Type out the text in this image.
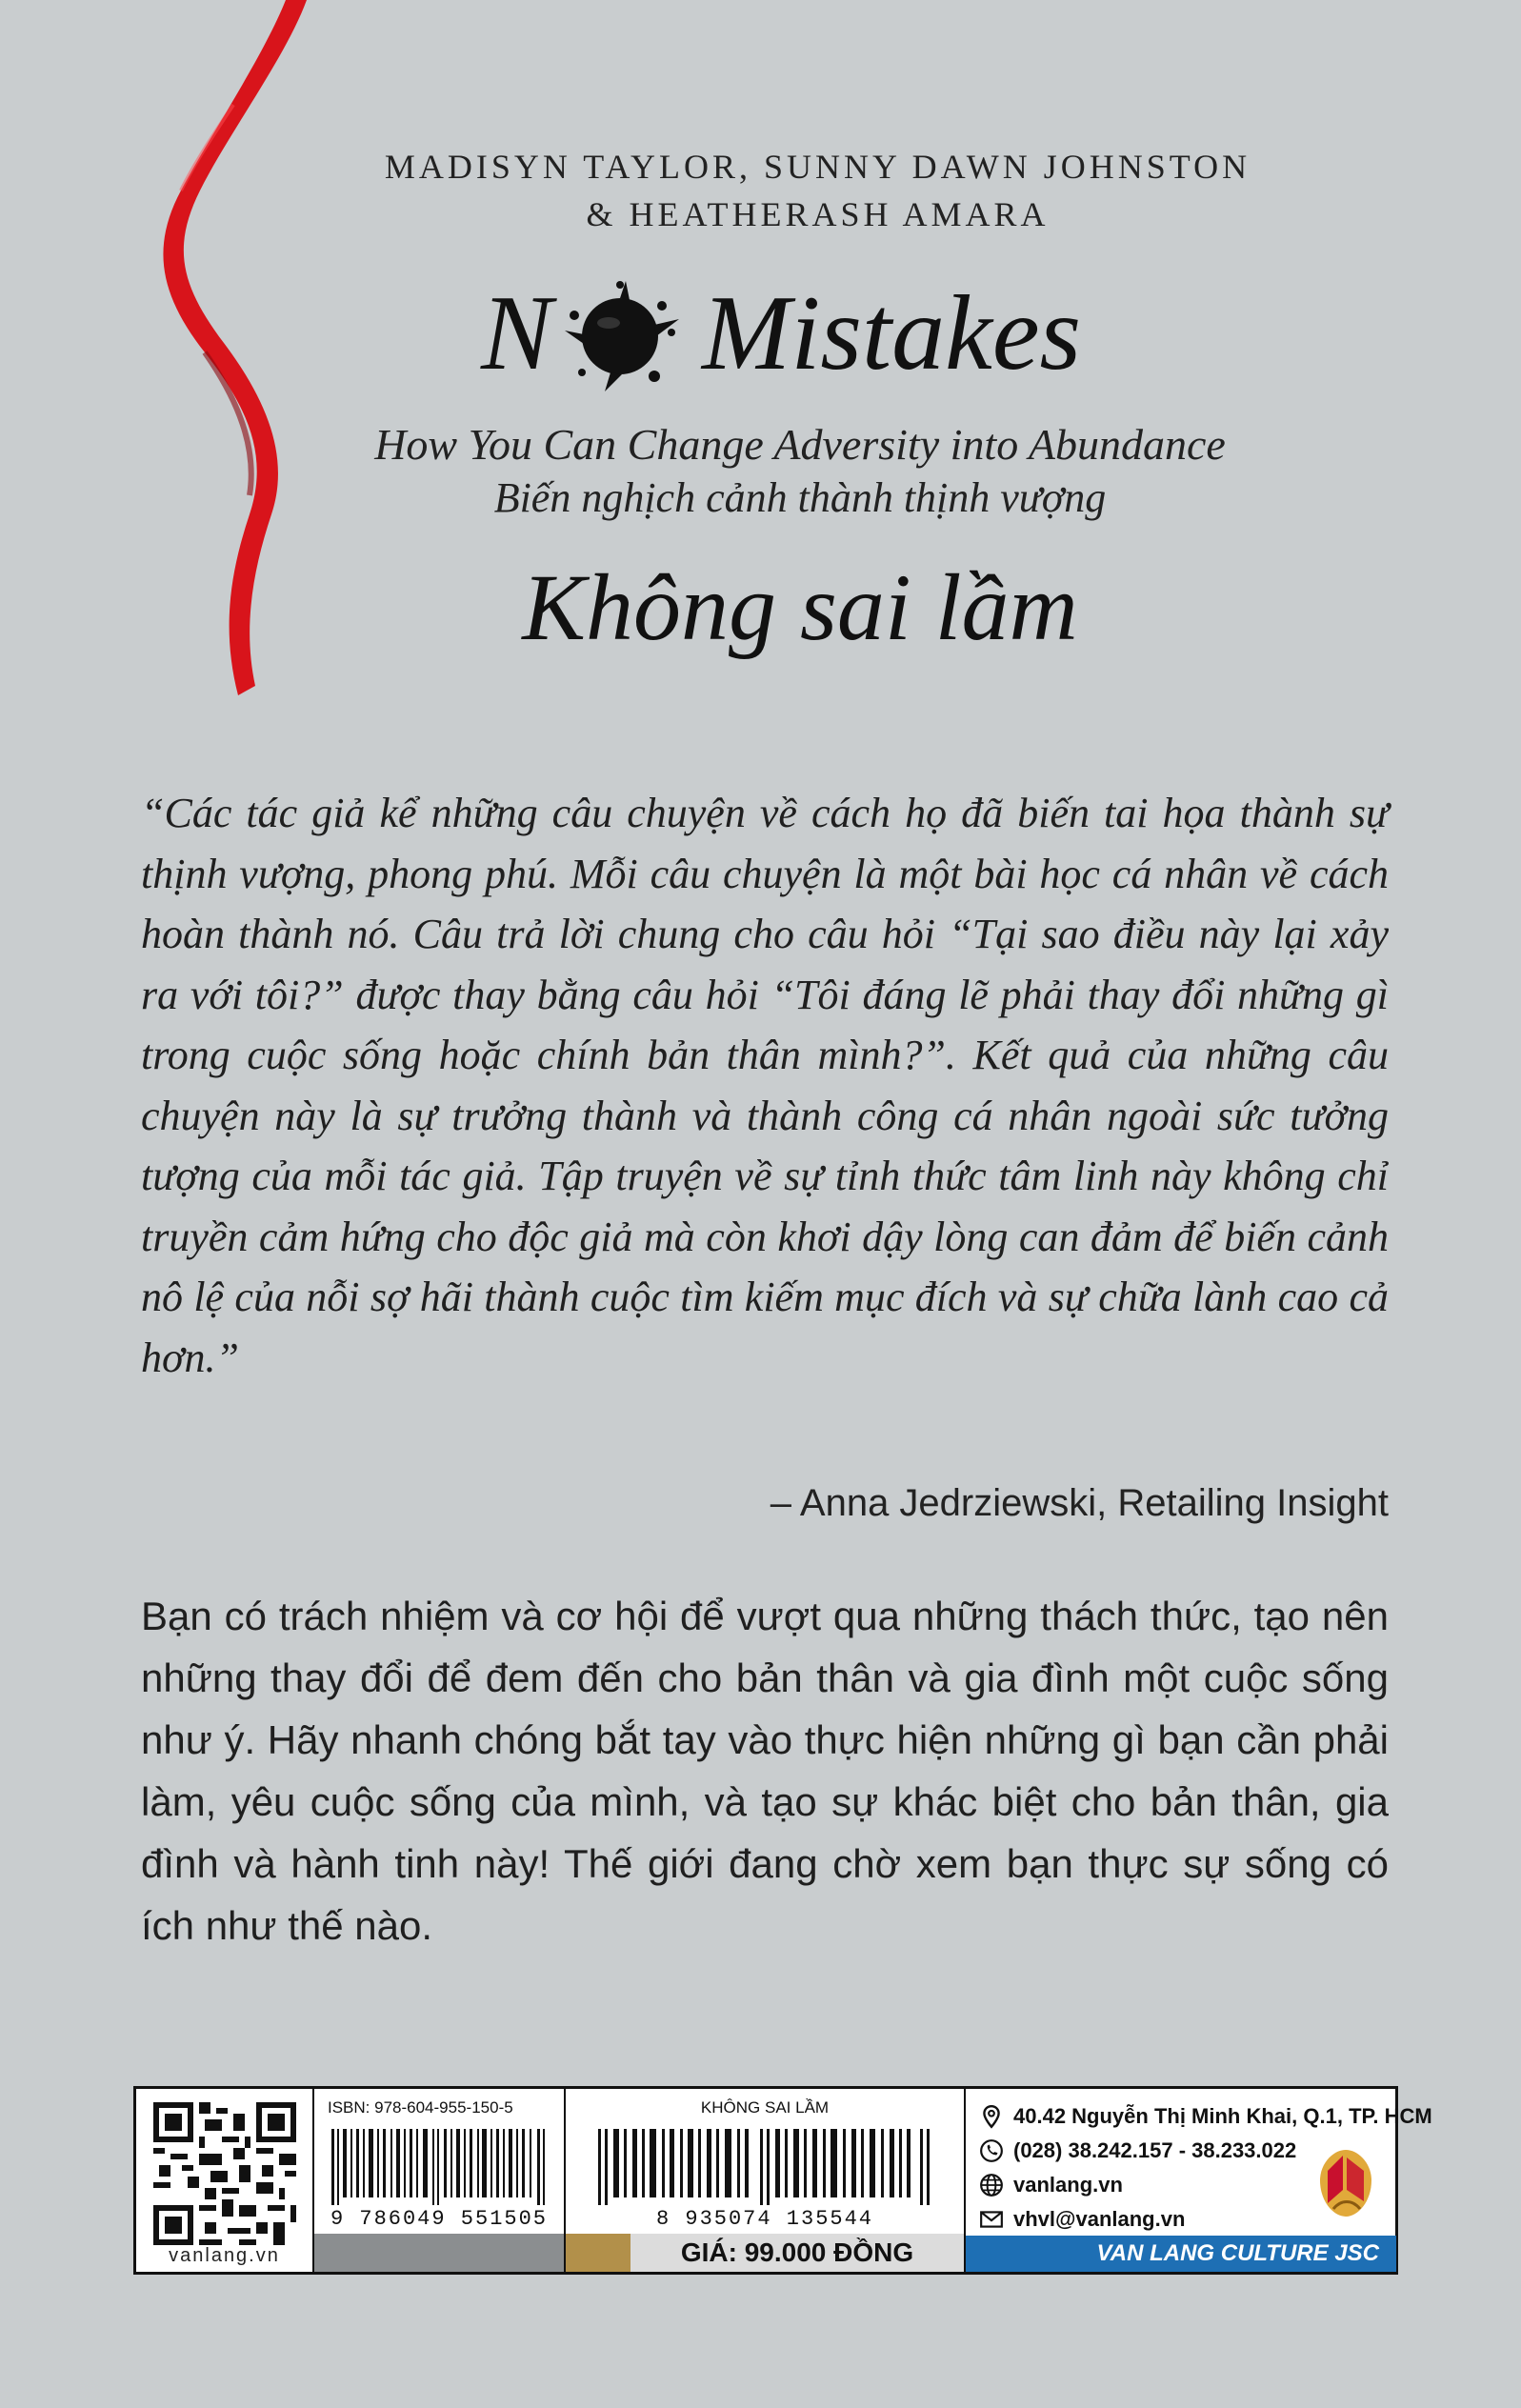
MADISYN TAYLOR, SUNNY DAWN JOHNSTON
& HEATHERASH AMARA
N Mistakes
How You Can Change Adversity into Abundance
Biến nghịch cảnh thành thịnh vượng
Không sai lầm
“Các tác giả kể những câu chuyện về cách họ đã biến tai họa thành sự thịnh vượng, phong phú. Mỗi câu chuyện là một bài học cá nhân về cách hoàn thành nó. Câu trả lời chung cho câu hỏi “Tại sao điều này lại xảy ra với tôi?” được thay bằng câu hỏi “Tôi đáng lẽ phải thay đổi những gì trong cuộc sống hoặc chính bản thân mình?”. Kết quả của những câu chuyện này là sự trưởng thành và thành công cá nhân ngoài sức tưởng tượng của mỗi tác giả. Tập truyện về sự tỉnh thức tâm linh này không chỉ truyền cảm hứng cho độc giả mà còn khơi dậy lòng can đảm để biến cảnh nô lệ của nỗi sợ hãi thành cuộc tìm kiếm mục đích và sự chữa lành cao cả hơn.”
– Anna Jedrziewski, Retailing Insight
Bạn có trách nhiệm và cơ hội để vượt qua những thách thức, tạo nên những thay đổi để đem đến cho bản thân và gia đình một cuộc sống như ý. Hãy nhanh chóng bắt tay vào thực hiện những gì bạn cần phải làm, yêu cuộc sống của mình, và tạo sự khác biệt cho bản thân, gia đình và hành tinh này! Thế giới đang chờ xem bạn thực sự sống có ích như thế nào.
vanlang.vn
ISBN: 978-604-955-150-5
9 786049 551505
KHÔNG SAI LẦM
8 935074 135544
GIÁ: 99.000 ĐỒNG
40.42 Nguyễn Thị Minh Khai, Q.1, TP. HCM
(028) 38.242.157 - 38.233.022
vanlang.vn
vhvl@vanlang.vn
VAN LANG CULTURE JSC
